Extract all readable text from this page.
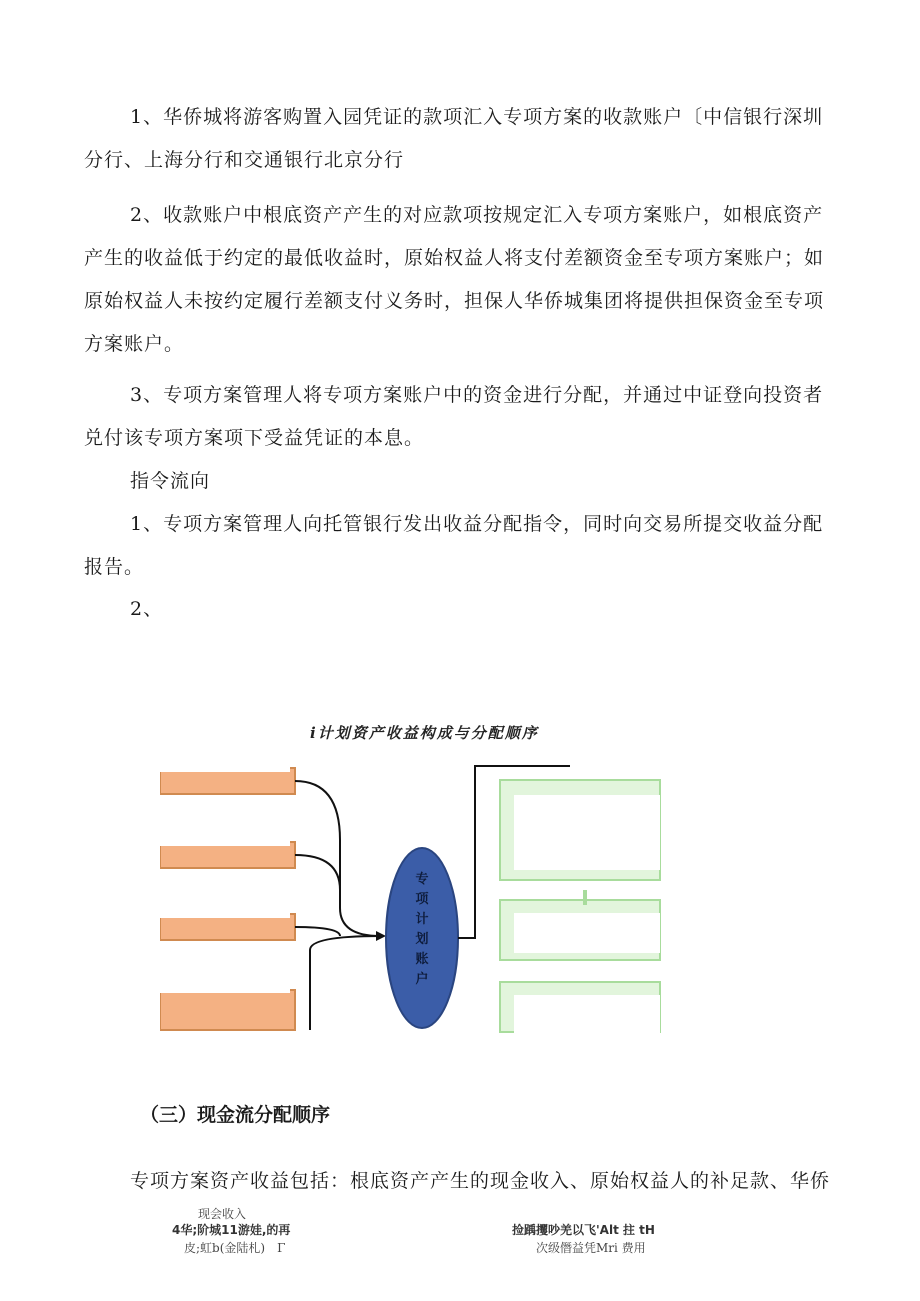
1、华侨城将游客购置入园凭证的款项汇入专项方案的收款账户〔中信银行深圳分行、上海分行和交通银行北京分行

2、收款账户中根底资产产生的对应款项按规定汇入专项方案账户，如根底资产产生的收益低于约定的最低收益时，原始权益人将支付差额资金至专项方案账户；如原始权益人未按约定履行差额支付义务时，担保人华侨城集团将提供担保资金至专项方案账户。

3、专项方案管理人将专项方案账户中的资金进行分配，并通过中证登向投资者兑付该专项方案项下受益凭证的本息。

指令流向

1、专项方案管理人向托管银行发出收益分配指令，同时向交易所提交收益分配报告。

2、

i计划资产收益构成与分配顺序
专项计划账户
（三）现金流分配顺序

专项方案资产收益包括：根底资产产生的现金收入、原始权益人的补足款、华侨

现会收入
4华;阶城11游娃,的再
皮;虹b(金陆札)　Γ
捡踽攫吵羌以飞'Alt 拄 tH
次级僭益凭Mri 费用
